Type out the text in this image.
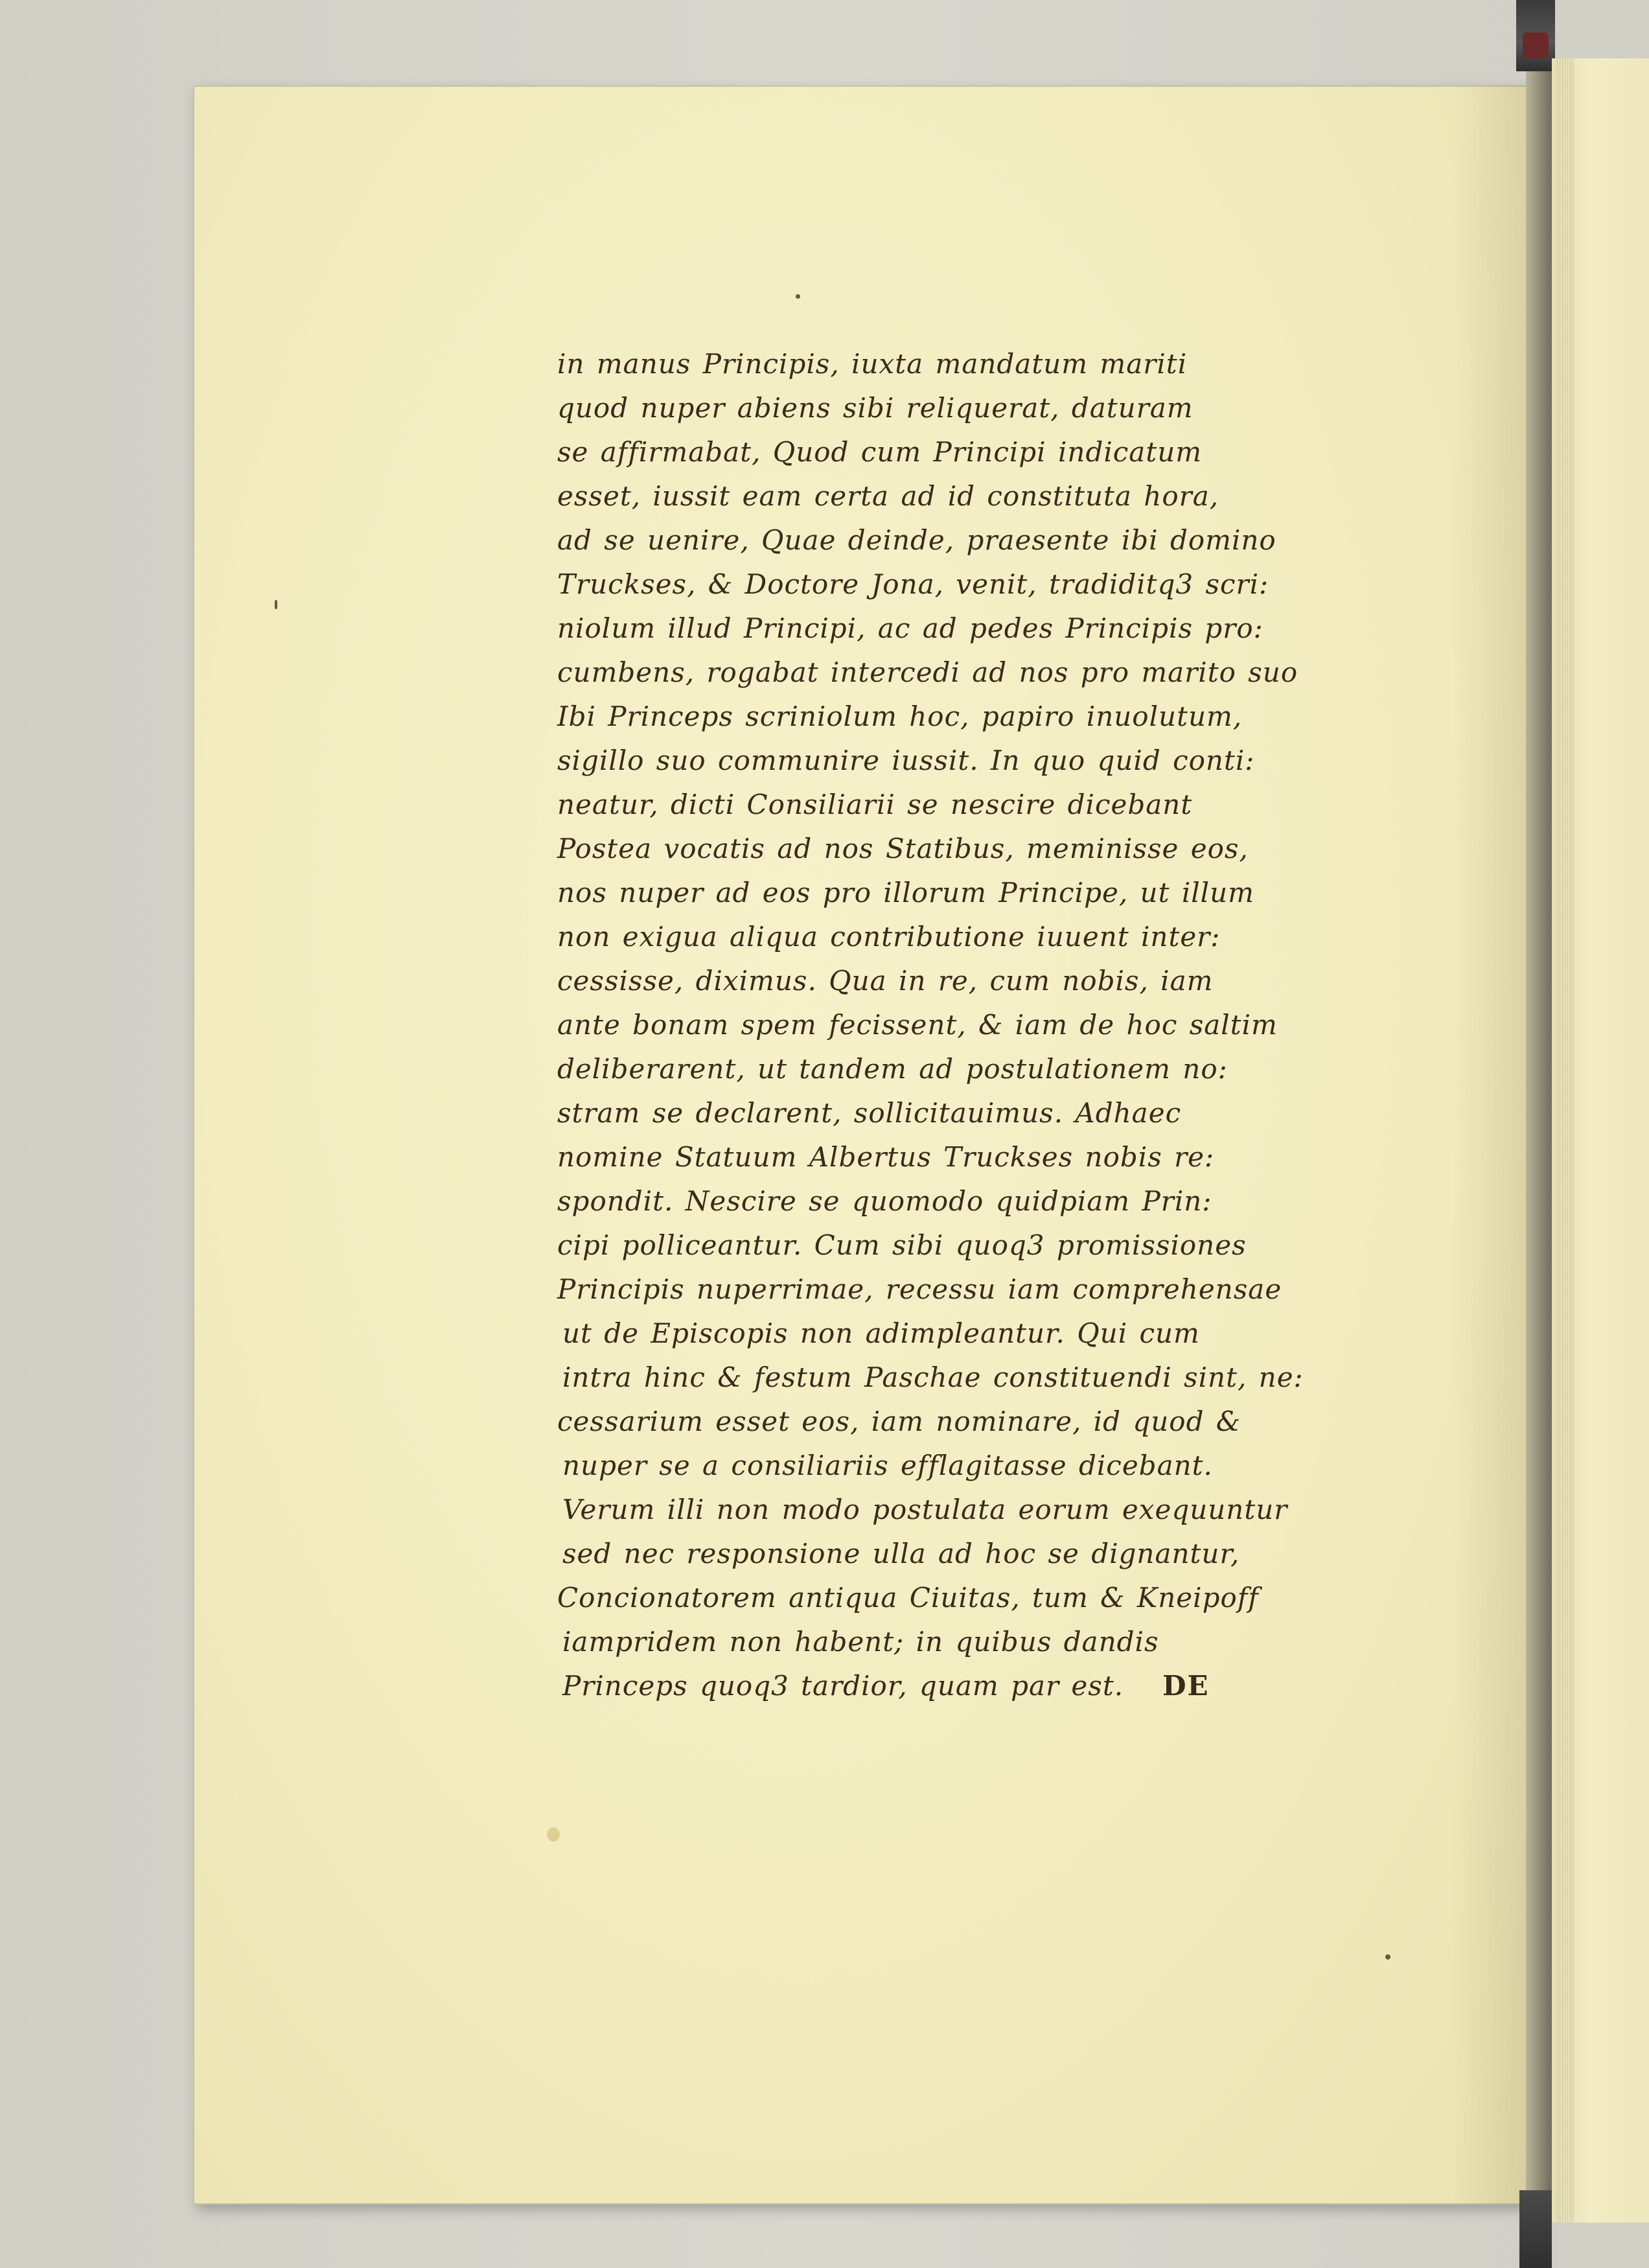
in manus Principis, iuxta mandatum mariti
quod nuper abiens sibi reliquerat, daturam
se affirmabat, Quod cum Principi indicatum
esset, iussit eam certa ad id constituta hora,
ad se uenire, Quae deinde, praesente ibi domino
Truckses, & Doctore Jona, venit, tradiditq3 scri:
niolum illud Principi, ac ad pedes Principis pro:
cumbens, rogabat intercedi ad nos pro marito suo
Ibi Princeps scriniolum hoc, papiro inuolutum,
sigillo suo communire iussit. In quo quid conti:
neatur, dicti Consiliarii se nescire dicebant
Postea vocatis ad nos Statibus, meminisse eos,
nos nuper ad eos pro illorum Principe, ut illum
non exigua aliqua contributione iuuent inter:
cessisse, diximus. Qua in re, cum nobis, iam
ante bonam spem fecissent, & iam de hoc saltim
deliberarent, ut tandem ad postulationem no:
stram se declarent, sollicitauimus. Adhaec
nomine Statuum Albertus Truckses nobis re:
spondit. Nescire se quomodo quidpiam Prin:
cipi polliceantur. Cum sibi quoq3 promissiones
Principis nuperrimae, recessu iam comprehensae
ut de Episcopis non adimpleantur. Qui cum
intra hinc & festum Paschae constituendi sint, ne:
cessarium esset eos, iam nominare, id quod &
nuper se a consiliariis efflagitasse dicebant.
Verum illi non modo postulata eorum exequuntur
sed nec responsione ulla ad hoc se dignantur,
Concionatorem antiqua Ciuitas, tum & Kneipoff
iampridem non habent; in quibus dandis
Princeps quoq3 tardior, quam par est. DE
